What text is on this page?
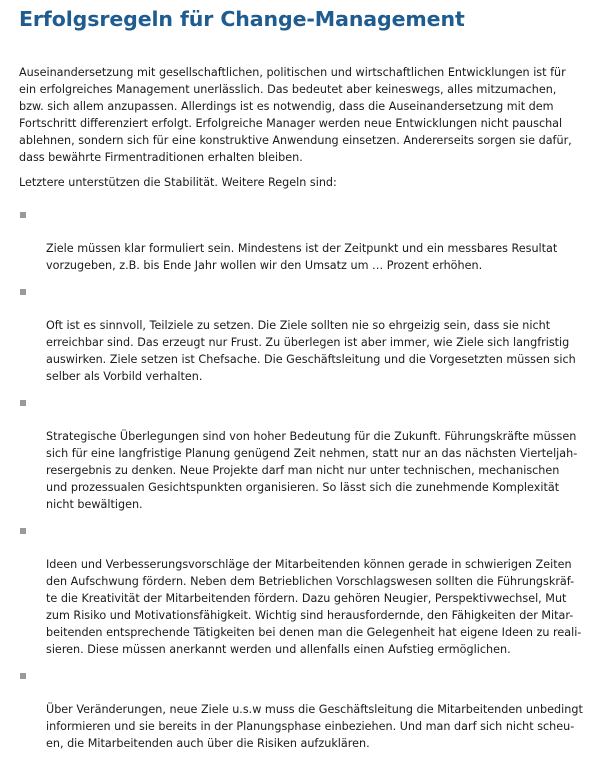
Erfolgsregeln für Change-Management
Auseinandersetzung mit gesellschaftlichen, politischen und wirtschaftlichen Entwicklungen ist für
ein erfolgreiches Management unerlässlich. Das bedeutet aber keineswegs, alles mitzumachen,
bzw. sich allem anzupassen. Allerdings ist es notwendig, dass die Auseinandersetzung mit dem
Fortschritt differenziert erfolgt. Erfolgreiche Manager werden neue Entwicklungen nicht pauschal
ablehnen, sondern sich für eine konstruktive Anwendung einsetzen. Andererseits sorgen sie dafür,
dass bewährte Firmentraditionen erhalten bleiben.
Letztere unterstützen die Stabilität. Weitere Regeln sind:

Ziele müssen klar formuliert sein. Mindestens ist der Zeitpunkt und ein messbares Resultat
vorzugeben, z.B. bis Ende Jahr wollen wir den Umsatz um … Prozent erhöhen.

Oft ist es sinnvoll, Teilziele zu setzen. Die Ziele sollten nie so ehrgeizig sein, dass sie nicht
erreichbar sind. Das erzeugt nur Frust. Zu überlegen ist aber immer, wie Ziele sich langfristig
auswirken. Ziele setzen ist Chefsache. Die Geschäftsleitung und die Vorgesetzten müssen sich
selber als Vorbild verhalten.

Strategische Überlegungen sind von hoher Bedeutung für die Zukunft. Führungskräfte müssen
sich für eine langfristige Planung genügend Zeit nehmen, statt nur an das nächsten Vierteljah-
resergebnis zu denken. Neue Projekte darf man nicht nur unter technischen, mechanischen
und prozessualen Gesichtspunkten organisieren. So lässt sich die zunehmende Komplexität
nicht bewältigen.

Ideen und Verbesserungsvorschläge der Mitarbeitenden können gerade in schwierigen Zeiten
den Aufschwung fördern. Neben dem Betrieblichen Vorschlagswesen sollten die Führungskräf-
te die Kreativität der Mitarbeitenden fördern. Dazu gehören Neugier, Perspektivwechsel, Mut
zum Risiko und Motivationsfähigkeit. Wichtig sind herausfordernde, den Fähigkeiten der Mitar-
beitenden entsprechende Tätigkeiten bei denen man die Gelegenheit hat eigene Ideen zu reali-
sieren. Diese müssen anerkannt werden und allenfalls einen Aufstieg ermöglichen.

Über Veränderungen, neue Ziele u.s.w muss die Geschäftsleitung die Mitarbeitenden unbedingt
informieren und sie bereits in der Planungsphase einbeziehen. Und man darf sich nicht scheu-
en, die Mitarbeitenden auch über die Risiken aufzuklären.
